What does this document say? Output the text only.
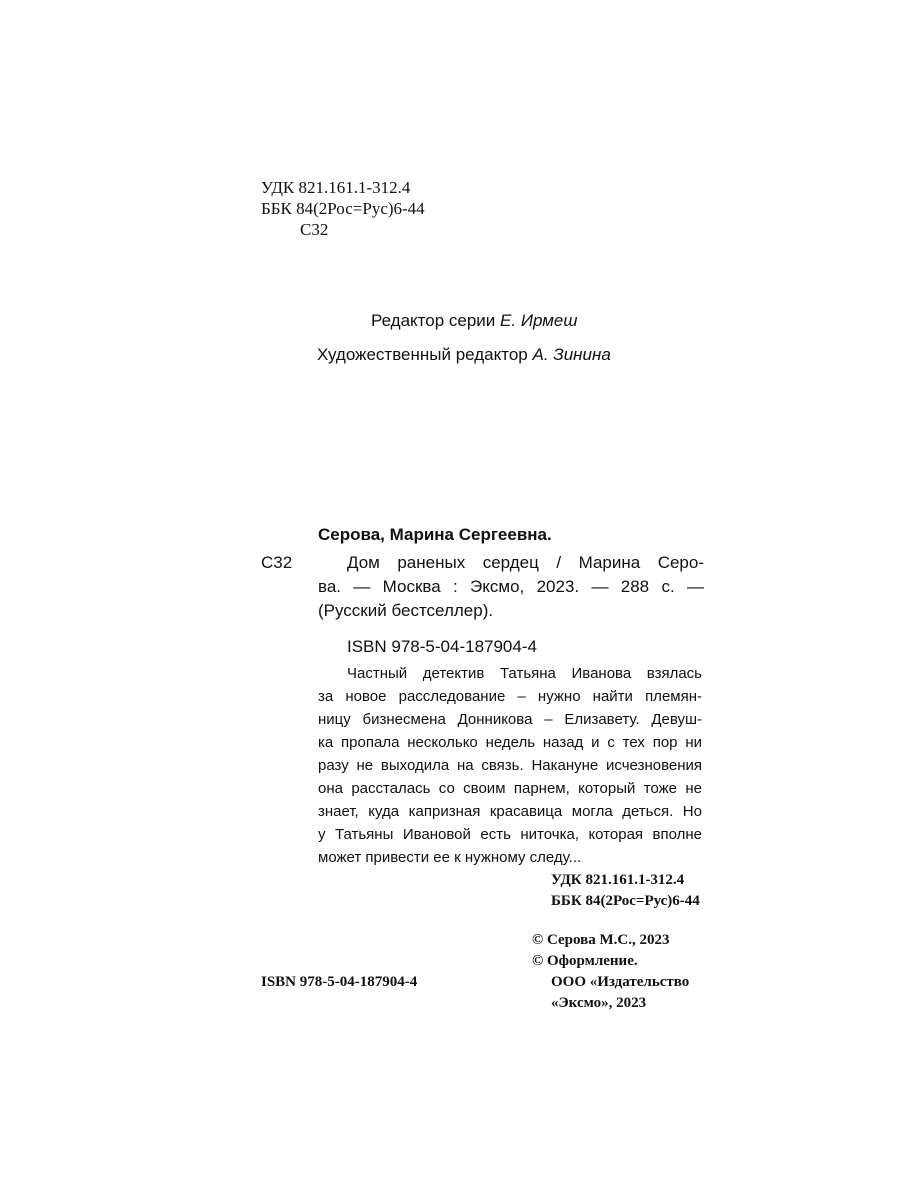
УДК 821.161.1-312.4
ББК 84(2Рос=Рус)6-44
С32
Редактор серии Е. Ирмеш
Художественный редактор А. Зинина
Серова, Марина Сергеевна.
С32	Дом раненых сердец / Марина Серо-
ва. — Москва : Эксмо, 2023. — 288 с. —
(Русский бестселлер).
ISBN 978-5-04-187904-4
Частный детектив Татьяна Иванова взялась
за новое расследование – нужно найти племян-
ницу бизнесмена Донникова – Елизавету. Девуш-
ка пропала несколько недель назад и с тех пор ни
разу не выходила на связь. Накануне исчезновения
она рассталась со своим парнем, который тоже не
знает, куда капризная красавица могла деться. Но
у Татьяны Ивановой есть ниточка, которая вполне
может привести ее к нужному следу...
УДК 821.161.1-312.4
ББК 84(2Рос=Рус)6-44
© Серова М.С., 2023
© Оформление.
ООО «Издательство
«Эксмо», 2023
ISBN 978-5-04-187904-4
